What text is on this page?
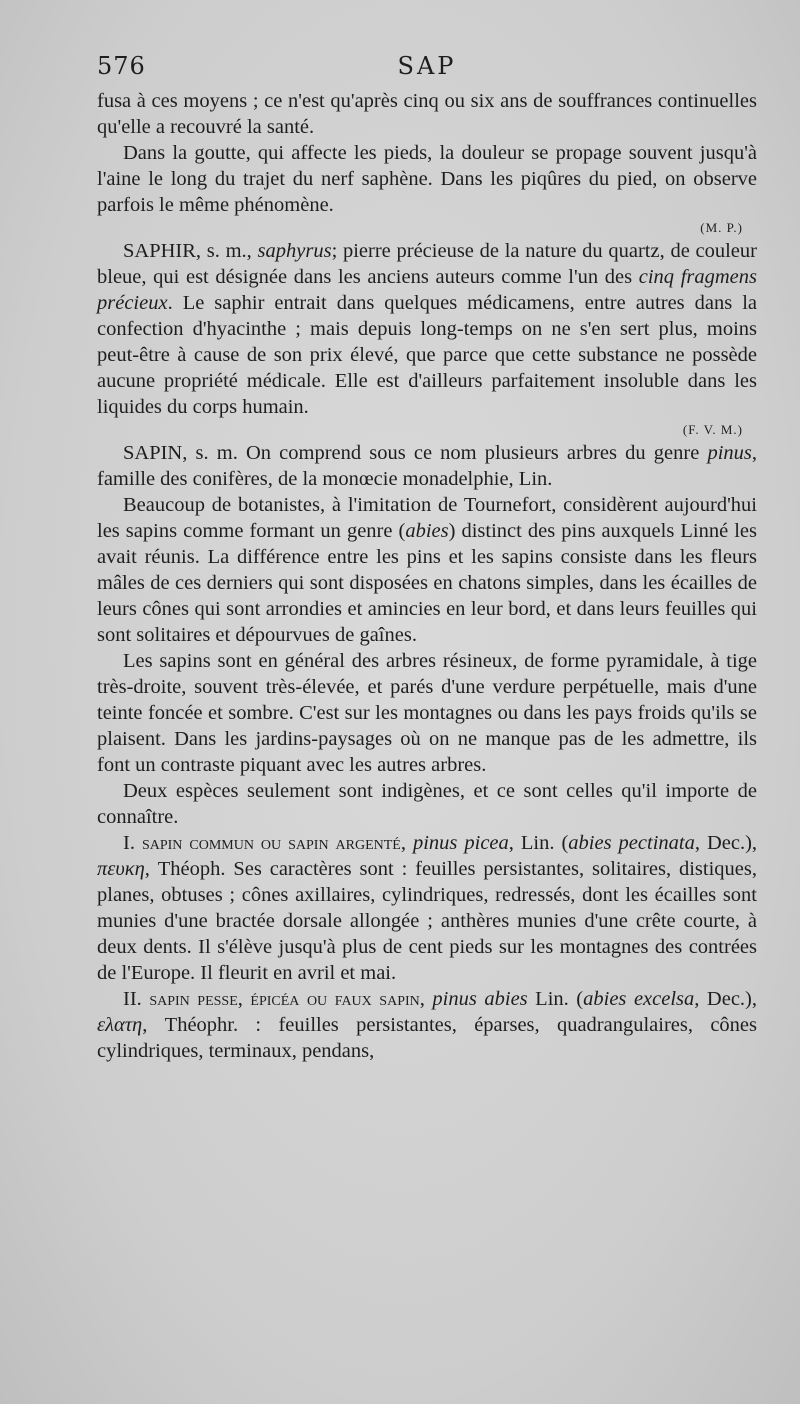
576	SAP

fusa à ces moyens ; ce n'est qu'après cinq ou six ans de souffrances continuelles qu'elle a recouvré la santé.

Dans la goutte, qui affecte les pieds, la douleur se propage souvent jusqu'à l'aine le long du trajet du nerf saphène. Dans les piqûres du pied, on observe parfois le même phénomène.

(M. P.)

SAPHIR, s. m., saphyrus; pierre précieuse de la nature du quartz, de couleur bleue, qui est désignée dans les anciens auteurs comme l'un des cinq fragmens précieux. Le saphir entrait dans quelques médicamens, entre autres dans la confection d'hyacinthe ; mais depuis long-temps on ne s'en sert plus, moins peut-être à cause de son prix élevé, que parce que cette substance ne possède aucune propriété médicale. Elle est d'ailleurs parfaitement insoluble dans les liquides du corps humain.

(F. V. M.)

SAPIN, s. m. On comprend sous ce nom plusieurs arbres du genre pinus, famille des conifères, de la monœcie monadelphie, Lin.

Beaucoup de botanistes, à l'imitation de Tournefort, considèrent aujourd'hui les sapins comme formant un genre (abies) distinct des pins auxquels Linné les avait réunis. La différence entre les pins et les sapins consiste dans les fleurs mâles de ces derniers qui sont disposées en chatons simples, dans les écailles de leurs cônes qui sont arrondies et amincies en leur bord, et dans leurs feuilles qui sont solitaires et dépourvues de gaînes.

Les sapins sont en général des arbres résineux, de forme pyramidale, à tige très-droite, souvent très-élevée, et parés d'une verdure perpétuelle, mais d'une teinte foncée et sombre. C'est sur les montagnes ou dans les pays froids qu'ils se plaisent. Dans les jardins-paysages où on ne manque pas de les admettre, ils font un contraste piquant avec les autres arbres.

Deux espèces seulement sont indigènes, et ce sont celles qu'il importe de connaître.

I. sapin commun ou sapin argenté, pinus picea, Lin. (abies pectinata, Dec.), πευκη, Théoph. Ses caractères sont : feuilles persistantes, solitaires, distiques, planes, obtuses ; cônes axillaires, cylindriques, redressés, dont les écailles sont munies d'une bractée dorsale allongée ; anthères munies d'une crête courte, à deux dents. Il s'élève jusqu'à plus de cent pieds sur les montagnes des contrées de l'Europe. Il fleurit en avril et mai.

II. sapin pesse, épicéa ou faux sapin, pinus abies Lin. (abies excelsa, Dec.), ελατη, Théophr. : feuilles persistantes, éparses, quadrangulaires, cônes cylindriques, terminaux, pendans,
